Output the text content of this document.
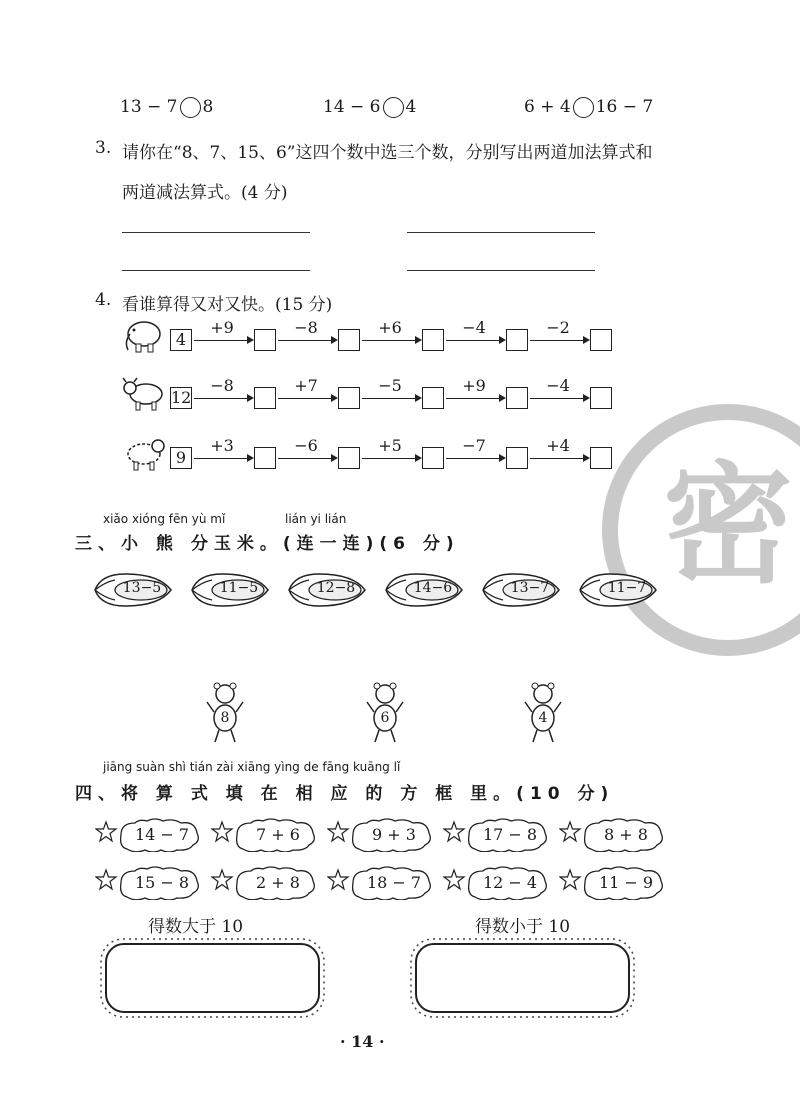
密
13 − 7 8	14 − 6 4	6 + 4 16 − 7
3. 请你在“8、7、15、6”这四个数中选三个数，分别写出两道加法算式和
两道减法算式。(4 分)
4. 看谁算得又对又快。(15 分)
4
+9	−8	+6	−4	−2
12
−8	+7	−5	+9	−4
9
+3	−6	+5	−7	+4
xiǎo xióng fēn yù mǐ	lián yi lián
三、小 熊 分玉米。(连一连)(6 分)
13−5	11−5	12−8	14−6	13−7	11−7
8	6	4
jiāng suàn shì tián zài xiāng yìng de fāng kuāng lǐ
四、将 算 式 填 在 相 应 的 方 框 里。(10 分)
14 − 7	7 + 6	9 + 3	17 − 8	8 + 8
15 − 8	2 + 8	18 − 7	12 − 4	11 − 9
得数大于 10	得数小于 10
· 14 ·
